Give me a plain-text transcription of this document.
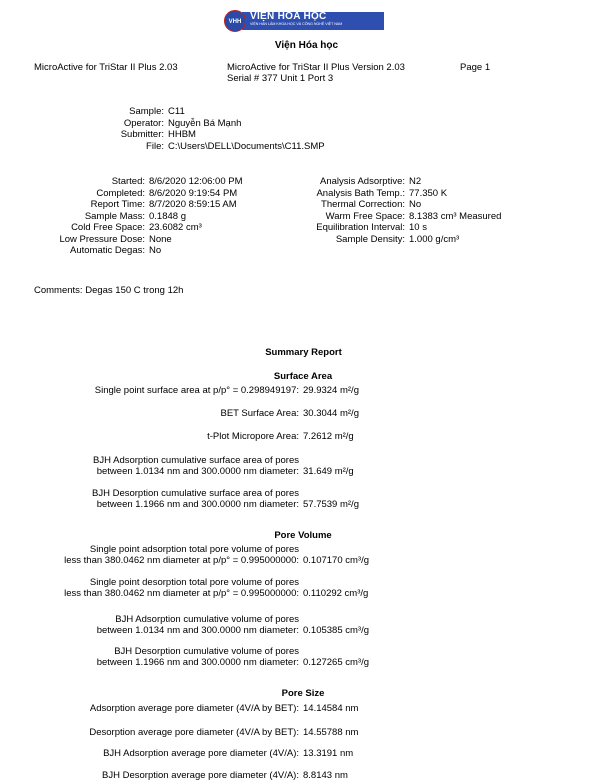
VHH VIỆN HÓA HỌC
VIỆN HÀN LÂM KHOA HỌC VÀ CÔNG NGHỆ VIỆT NAM
Viện Hóa học
MicroActive for TriStar II Plus 2.03	MicroActive for TriStar II Plus Version 2.03
Serial # 377 Unit 1 Port 3
Page 1
Sample: C11
Operator: Nguyễn Bá Mạnh
Submitter: HHBM
File: C:\Users\DELL\Documents\C11.SMP
Started: 8/6/2020 12:06:00 PM
Completed: 8/6/2020 9:19:54 PM
Report Time: 8/7/2020 8:59:15 AM
Sample Mass: 0.1848 g
Cold Free Space: 23.6082 cm³
Low Pressure Dose: None
Automatic Degas: No
Analysis Adsorptive: N2
Analysis Bath Temp.: 77.350 K
Thermal Correction: No
Warm Free Space: 8.1383 cm³ Measured
Equilibration Interval: 10 s
Sample Density: 1.000 g/cm³
Comments: Degas 150 C trong 12h
Summary Report
Surface Area
Single point surface area at p/p° = 0.298949197: 29.9324 m²/g
BET Surface Area: 30.3044 m²/g
t-Plot Micropore Area: 7.2612 m²/g
BJH Adsorption cumulative surface area of pores
between 1.0134 nm and 300.0000 nm diameter: 31.649 m²/g
BJH Desorption cumulative surface area of pores
between 1.1966 nm and 300.0000 nm diameter: 57.7539 m²/g
Pore Volume
Single point adsorption total pore volume of pores
less than 380.0462 nm diameter at p/p° = 0.995000000: 0.107170 cm³/g
Single point desorption total pore volume of pores
less than 380.0462 nm diameter at p/p° = 0.995000000: 0.110292 cm³/g
BJH Adsorption cumulative volume of pores
between 1.0134 nm and 300.0000 nm diameter: 0.105385 cm³/g
BJH Desorption cumulative volume of pores
between 1.1966 nm and 300.0000 nm diameter: 0.127265 cm³/g
Pore Size
Adsorption average pore diameter (4V/A by BET): 14.14584 nm
Desorption average pore diameter (4V/A by BET): 14.55788 nm
BJH Adsorption average pore diameter (4V/A): 13.3191 nm
BJH Desorption average pore diameter (4V/A): 8.8143 nm
